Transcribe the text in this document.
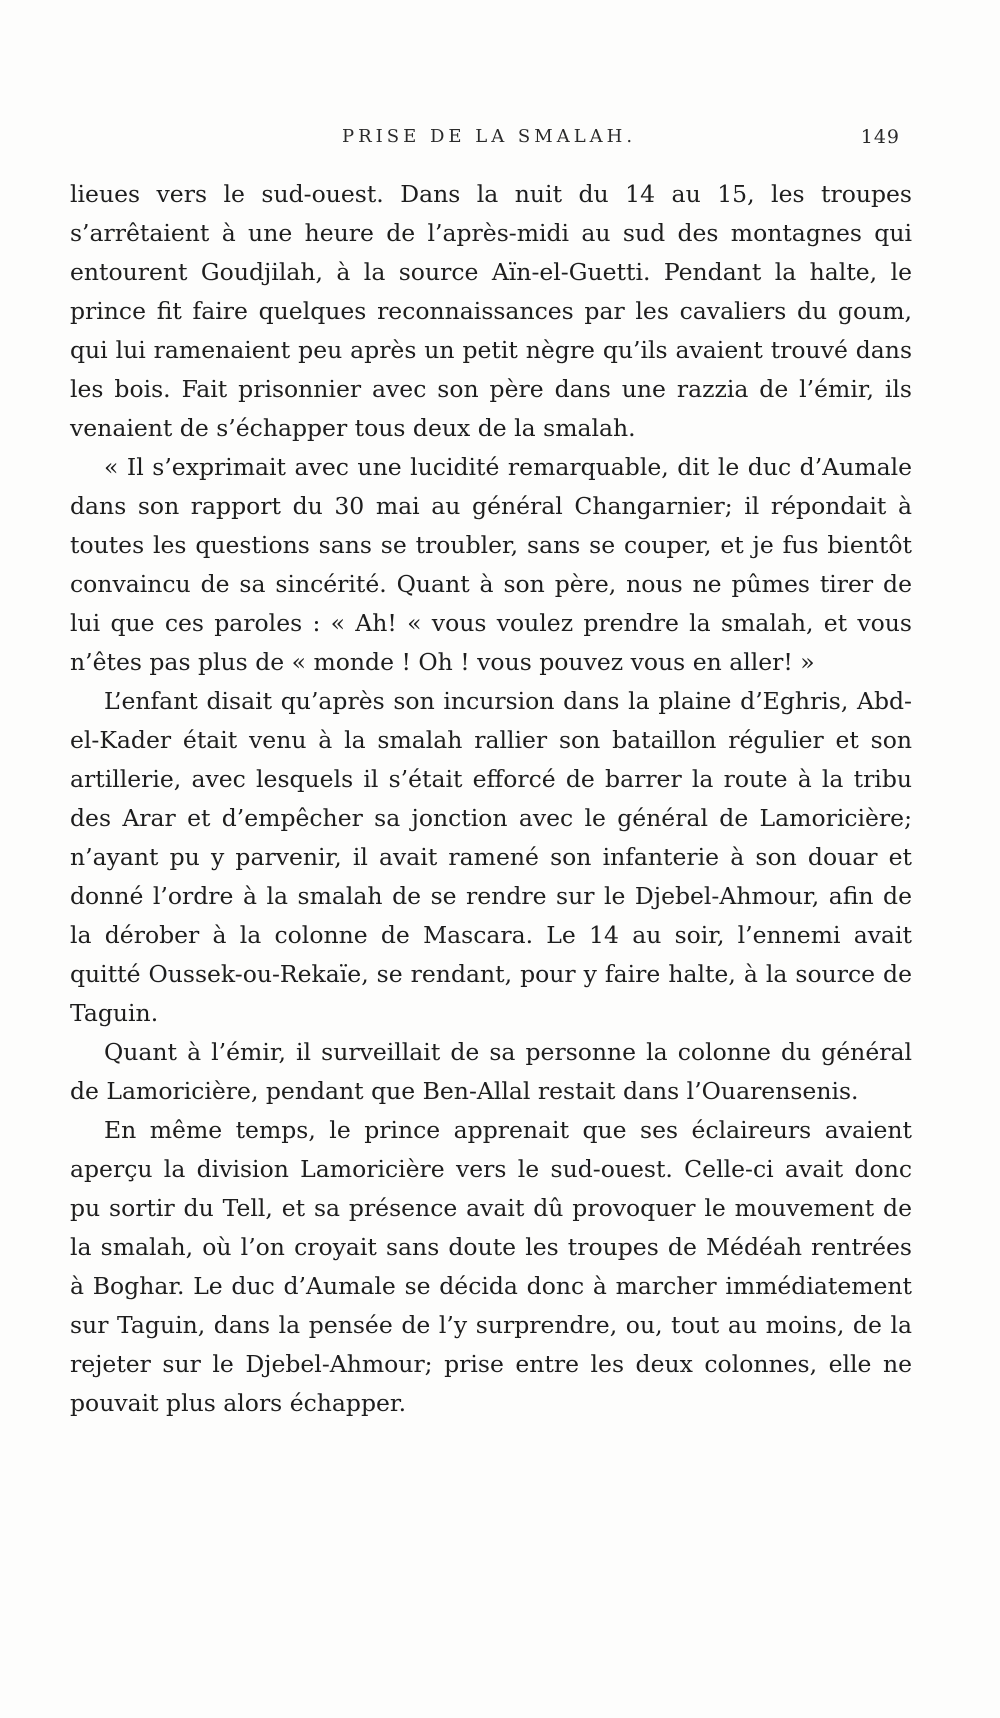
PRISE DE LA SMALAH.	149

lieues vers le sud-ouest. Dans la nuit du 14 au 15, les troupes s’arrêtaient à une heure de l’après-midi au sud des montagnes qui entourent Goudjilah, à la source Aïn-el-Guetti. Pendant la halte, le prince fit faire quelques reconnaissances par les cavaliers du goum, qui lui ramenaient peu après un petit nègre qu’ils avaient trouvé dans les bois. Fait prisonnier avec son père dans une razzia de l’émir, ils venaient de s’échapper tous deux de la smalah.

« Il s’exprimait avec une lucidité remarquable, dit le duc d’Aumale dans son rapport du 30 mai au général Changarnier; il répondait à toutes les questions sans se troubler, sans se couper, et je fus bientôt convaincu de sa sincérité. Quant à son père, nous ne pûmes tirer de lui que ces paroles : « Ah! « vous voulez prendre la smalah, et vous n’êtes pas plus de « monde ! Oh ! vous pouvez vous en aller! »

L’enfant disait qu’après son incursion dans la plaine d’Eghris, Abd-el-Kader était venu à la smalah rallier son bataillon régulier et son artillerie, avec lesquels il s’était efforcé de barrer la route à la tribu des Arar et d’empêcher sa jonction avec le général de Lamoricière; n’ayant pu y parvenir, il avait ramené son infanterie à son douar et donné l’ordre à la smalah de se rendre sur le Djebel-Ahmour, afin de la dérober à la colonne de Mascara. Le 14 au soir, l’ennemi avait quitté Oussek-ou-Rekaïe, se rendant, pour y faire halte, à la source de Taguin.

Quant à l’émir, il surveillait de sa personne la colonne du général de Lamoricière, pendant que Ben-Allal restait dans l’Ouarensenis.

En même temps, le prince apprenait que ses éclaireurs avaient aperçu la division Lamoricière vers le sud-ouest. Celle-ci avait donc pu sortir du Tell, et sa présence avait dû provoquer le mouvement de la smalah, où l’on croyait sans doute les troupes de Médéah rentrées à Boghar. Le duc d’Aumale se décida donc à marcher immédiatement sur Taguin, dans la pensée de l’y surprendre, ou, tout au moins, de la rejeter sur le Djebel-Ahmour; prise entre les deux colonnes, elle ne pouvait plus alors échapper.
